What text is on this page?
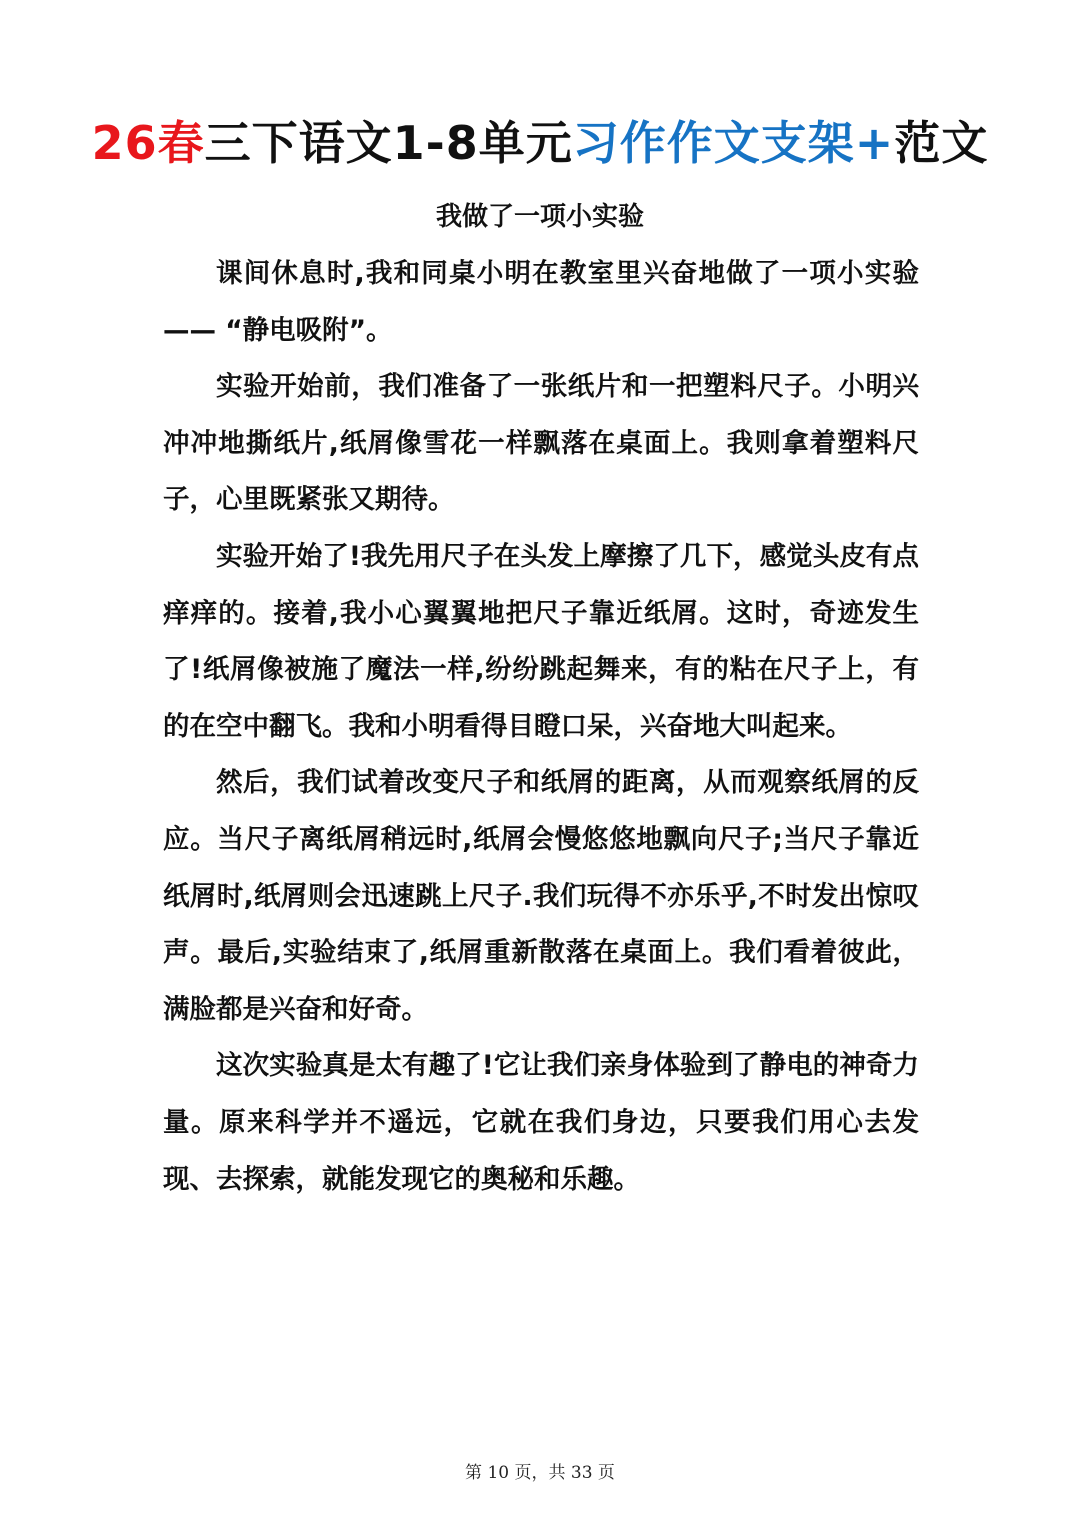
26春三下语文1-8单元习作作文支架+范文
我做了一项小实验

课间休息时,我和同桌小明在教室里兴奋地做了一项小实验—— “静电吸附”。

实验开始前，我们准备了一张纸片和一把塑料尺子。小明兴冲冲地撕纸片,纸屑像雪花一样飘落在桌面上。我则拿着塑料尺子，心里既紧张又期待。

实验开始了!我先用尺子在头发上摩擦了几下，感觉头皮有点痒痒的。接着,我小心翼翼地把尺子靠近纸屑。这时，奇迹发生了!纸屑像被施了魔法一样,纷纷跳起舞来，有的粘在尺子上，有的在空中翻飞。我和小明看得目瞪口呆，兴奋地大叫起来。

然后，我们试着改变尺子和纸屑的距离，从而观察纸屑的反应。当尺子离纸屑稍远时,纸屑会慢悠悠地飘向尺子;当尺子靠近纸屑时,纸屑则会迅速跳上尺子.我们玩得不亦乐乎,不时发出惊叹声。最后,实验结束了,纸屑重新散落在桌面上。我们看着彼此，满脸都是兴奋和好奇。

这次实验真是太有趣了!它让我们亲身体验到了静电的神奇力量。原来科学并不遥远，它就在我们身边，只要我们用心去发现、去探索，就能发现它的奥秘和乐趣。

第 10 页，共 33 页
